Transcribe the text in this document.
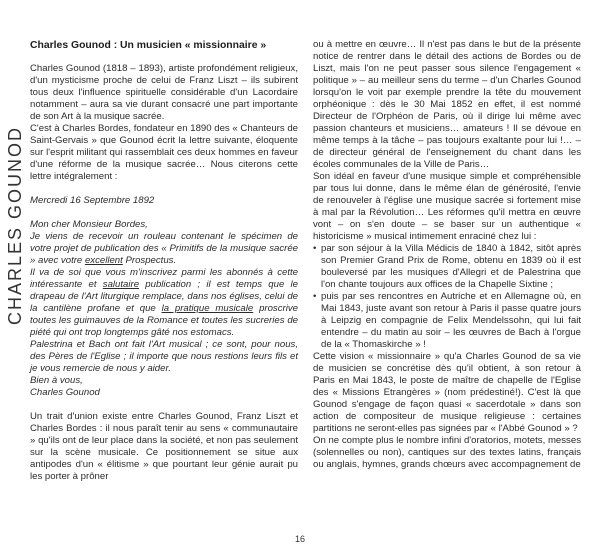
CHARLES GOUNOD

Charles Gounod : Un musicien « missionnaire »

Charles Gounod (1818 – 1893), artiste profondément religieux, d'un mysticisme proche de celui de Franz Liszt – ils subirent tous deux l'influence spirituelle considérable d'un Lacordaire notamment – aura sa vie durant consacré une part importante de son Art à la musique sacrée.

C'est à Charles Bordes, fondateur en 1890 des « Chanteurs de Saint-Gervais » que Gounod écrit la lettre suivante, éloquente sur l'esprit militant qui rassemblait ces deux hommes en faveur d'une réforme de la musique sacrée… Nous citerons cette lettre intégralement :

Mercredi 16 Septembre 1892

Mon cher Monsieur Bordes,

Je viens de recevoir un rouleau contenant le spécimen de votre projet de publication des « Primitifs de la musique sacrée » avec votre excellent Prospectus.

Il va de soi que vous m'inscrivez parmi les abonnés à cette intéressante et salutaire publication ; il est temps que le drapeau de l'Art liturgique remplace, dans nos églises, celui de la cantilène profane et que la pratique musicale proscrive toutes les guimauves de la Romance et toutes les sucreries de piété qui ont trop longtemps gâté nos estomacs.

Palestrina et Bach ont fait l'Art musical ; ce sont, pour nous, des Pères de l'Eglise ; il importe que nous restions leurs fils et je vous remercie de nous y aider.

Bien à vous,

Charles Gounod

Un trait d'union existe entre Charles Gounod, Franz Liszt et Charles Bordes : il nous paraît tenir au sens « communautaire » qu'ils ont de leur place dans la société, et non pas seulement sur la scène musicale. Ce positionnement se situe aux antipodes d'un « élitisme » que pourtant leur génie aurait pu les porter à prôner

ou à mettre en œuvre… Il n'est pas dans le but de la présente notice de rentrer dans le détail des actions de Bordes ou de Liszt, mais l'on ne peut passer sous silence l'engagement « politique » – au meilleur sens du terme – d'un Charles Gounod lorsqu'on le voit par exemple prendre la tête du mouvement orphéonique : dès le 30 Mai 1852 en effet, il est nommé Directeur de l'Orphéon de Paris, où il dirige lui même avec passion chanteurs et musiciens… amateurs ! Il se dévoue en même temps à la tâche – pas toujours exaltante pour lui !… – de directeur général de l'enseignement du chant dans les écoles communales de la Ville de Paris…

Son idéal en faveur d'une musique simple et compréhensible par tous lui donne, dans le même élan de générosité, l'envie de renouveler à l'église une musique sacrée si fortement mise à mal par la Révolution… Les réformes qu'il mettra en œuvre vont – on s'en doute – se baser sur un authentique « historicisme » musical intimement enraciné chez lui :

• par son séjour à la Villa Médicis de 1840 à 1842, sitôt après son Premier Grand Prix de Rome, obtenu en 1839 où il est bouleversé par les musiques d'Allegri et de Palestrina que l'on chante toujours aux offices de la Chapelle Sixtine ;
• puis par ses rencontres en Autriche et en Allemagne où, en Mai 1843, juste avant son retour à Paris il passe quatre jours à Leipzig en compagnie de Felix Mendelssohn, qui lui fait entendre – du matin au soir – les œuvres de Bach à l'orgue de la « Thomaskirche » !

Cette vision « missionnaire » qu'a Charles Gounod de sa vie de musicien se concrétise dès qu'il obtient, à son retour à Paris en Mai 1843, le poste de maître de chapelle de l'Eglise des « Missions Etrangères » (nom prédestiné!). C'est là que Gounod s'engage de façon quasi « sacerdotale » dans son action de compositeur de musique religieuse : certaines partitions ne seront-elles pas signées par « l'Abbé Gounod » ?

On ne compte plus le nombre infini d'oratorios, motets, messes (solennelles ou non), cantiques sur des textes latins, français ou anglais, hymnes, grands chœurs avec accompagnement de

16
